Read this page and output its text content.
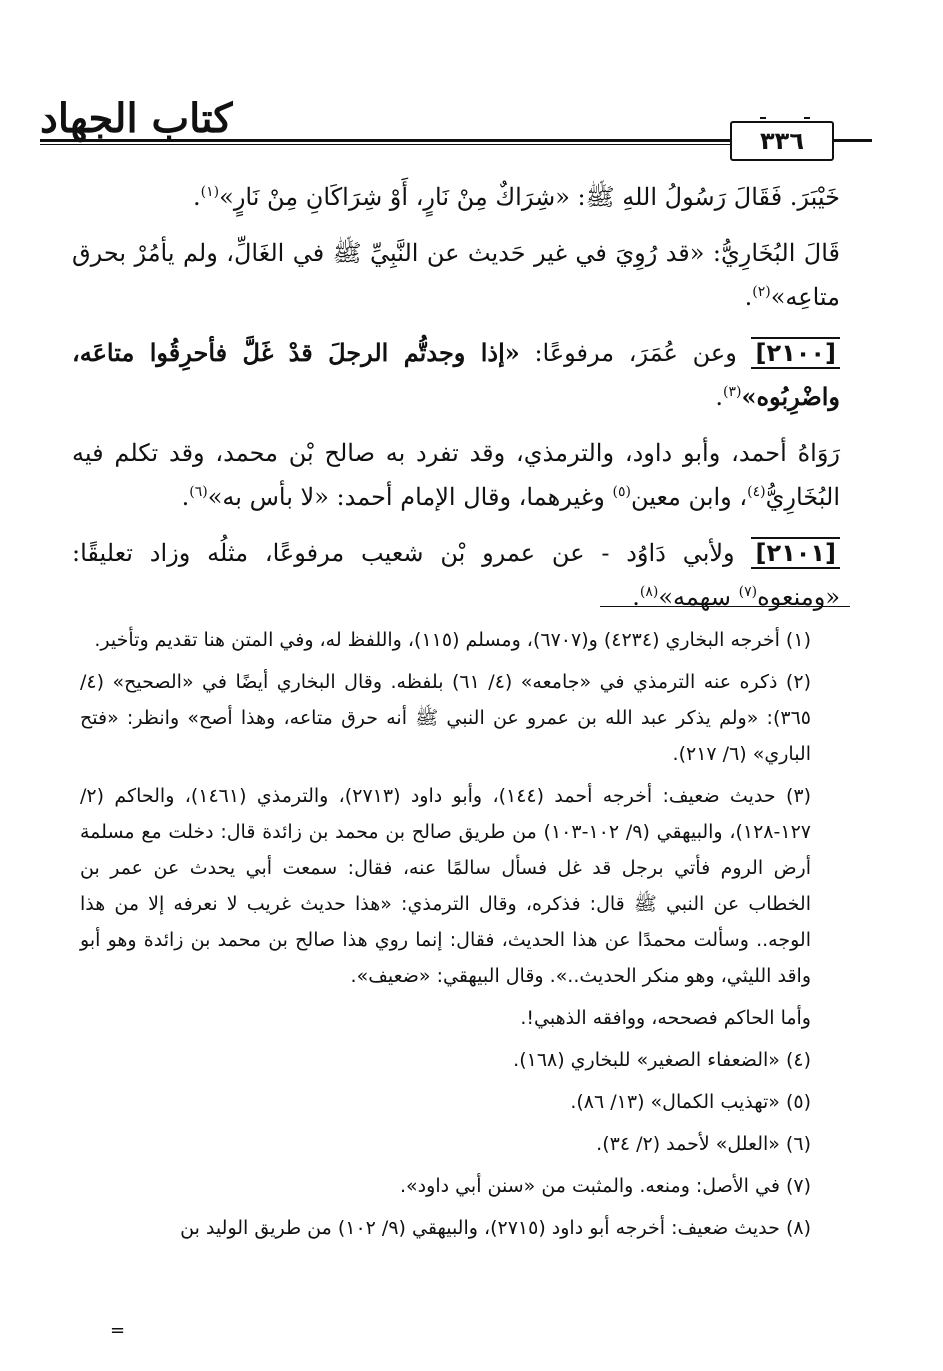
كتاب الجهاد	٣٣٦

خَيْبَرَ. فَقَالَ رَسُولُ اللهِ ﷺ: «شِرَاكٌ مِنْ نَارٍ، أَوْ شِرَاكَانِ مِنْ نَارٍ»$^{(١)}$.

قَالَ البُخَارِيُّ: «قد رُوِيَ في غير حَديث عن النَّبِيِّ ﷺ في الغَالِّ، ولم يأمُرْ بحرق متاعِه»$^{(٢)}$.

[ ٢١٠٠ ] وعن عُمَرَ، مرفوعًا: «إذا وجدتُّم الرجلَ قدْ غَلَّ فأحرِقُوا متاعَه، واضْرِبُوه»$^{(٣)}$.

رَوَاهُ أحمد، وأبو داود، والترمذي، وقد تفرد به صالح بْن محمد، وقد تكلم فيه البُخَارِيُّ$^{(٤)}$، وابن معين$^{(٥)}$ وغيرهما، وقال الإمام أحمد: «لا بأس به»$^{(٦)}$.

[ ٢١٠١ ] ولأبي دَاوُد - عن عمرو بْن شعيب مرفوعًا، مثلُه وزاد تعليقًا: «ومنعوه$^{(٧)}$ سهمه»$^{(٨)}$.

(١) أخرجه البخاري (٤٢٣٤) و(٦٧٠٧)، ومسلم (١١٥)، واللفظ له، وفي المتن هنا تقديم وتأخير.

(٢) ذكره عنه الترمذي في «جامعه» (٤/ ٦١) بلفظه. وقال البخاري أيضًا في «الصحيح» (٤/ ٣٦٥): «ولم يذكر عبد الله بن عمرو عن النبي ﷺ أنه حرق متاعه، وهذا أصح» وانظر: «فتح الباري» (٦/ ٢١٧).

(٣) حديث ضعيف: أخرجه أحمد (١٤٤)، وأبو داود (٢٧١٣)، والترمذي (١٤٦١)، والحاكم (٢/ ١٢٧-١٢٨)، والبيهقي (٩/ ١٠٢-١٠٣) من طريق صالح بن محمد بن زائدة قال: دخلت مع مسلمة أرض الروم فأتي برجل قد غل فسأل سالمًا عنه، فقال: سمعت أبي يحدث عن عمر بن الخطاب عن النبي ﷺ قال: فذكره، وقال الترمذي: «هذا حديث غريب لا نعرفه إلا من هذا الوجه.. وسألت محمدًا عن هذا الحديث، فقال: إنما روي هذا صالح بن محمد بن زائدة وهو أبو واقد الليثي، وهو منكر الحديث..». وقال البيهقي: «ضعيف».

وأما الحاكم فصححه، ووافقه الذهبي!.

(٤) «الضعفاء الصغير» للبخاري (١٦٨).

(٥) «تهذيب الكمال» (١٣/ ٨٦).

(٦) «العلل» لأحمد (٢/ ٣٤).

(٧) في الأصل: ومنعه. والمثبت من «سنن أبي داود».

(٨) حديث ضعيف: أخرجه أبو داود (٢٧١٥)، والبيهقي (٩/ ١٠٢) من طريق الوليد بن

=
